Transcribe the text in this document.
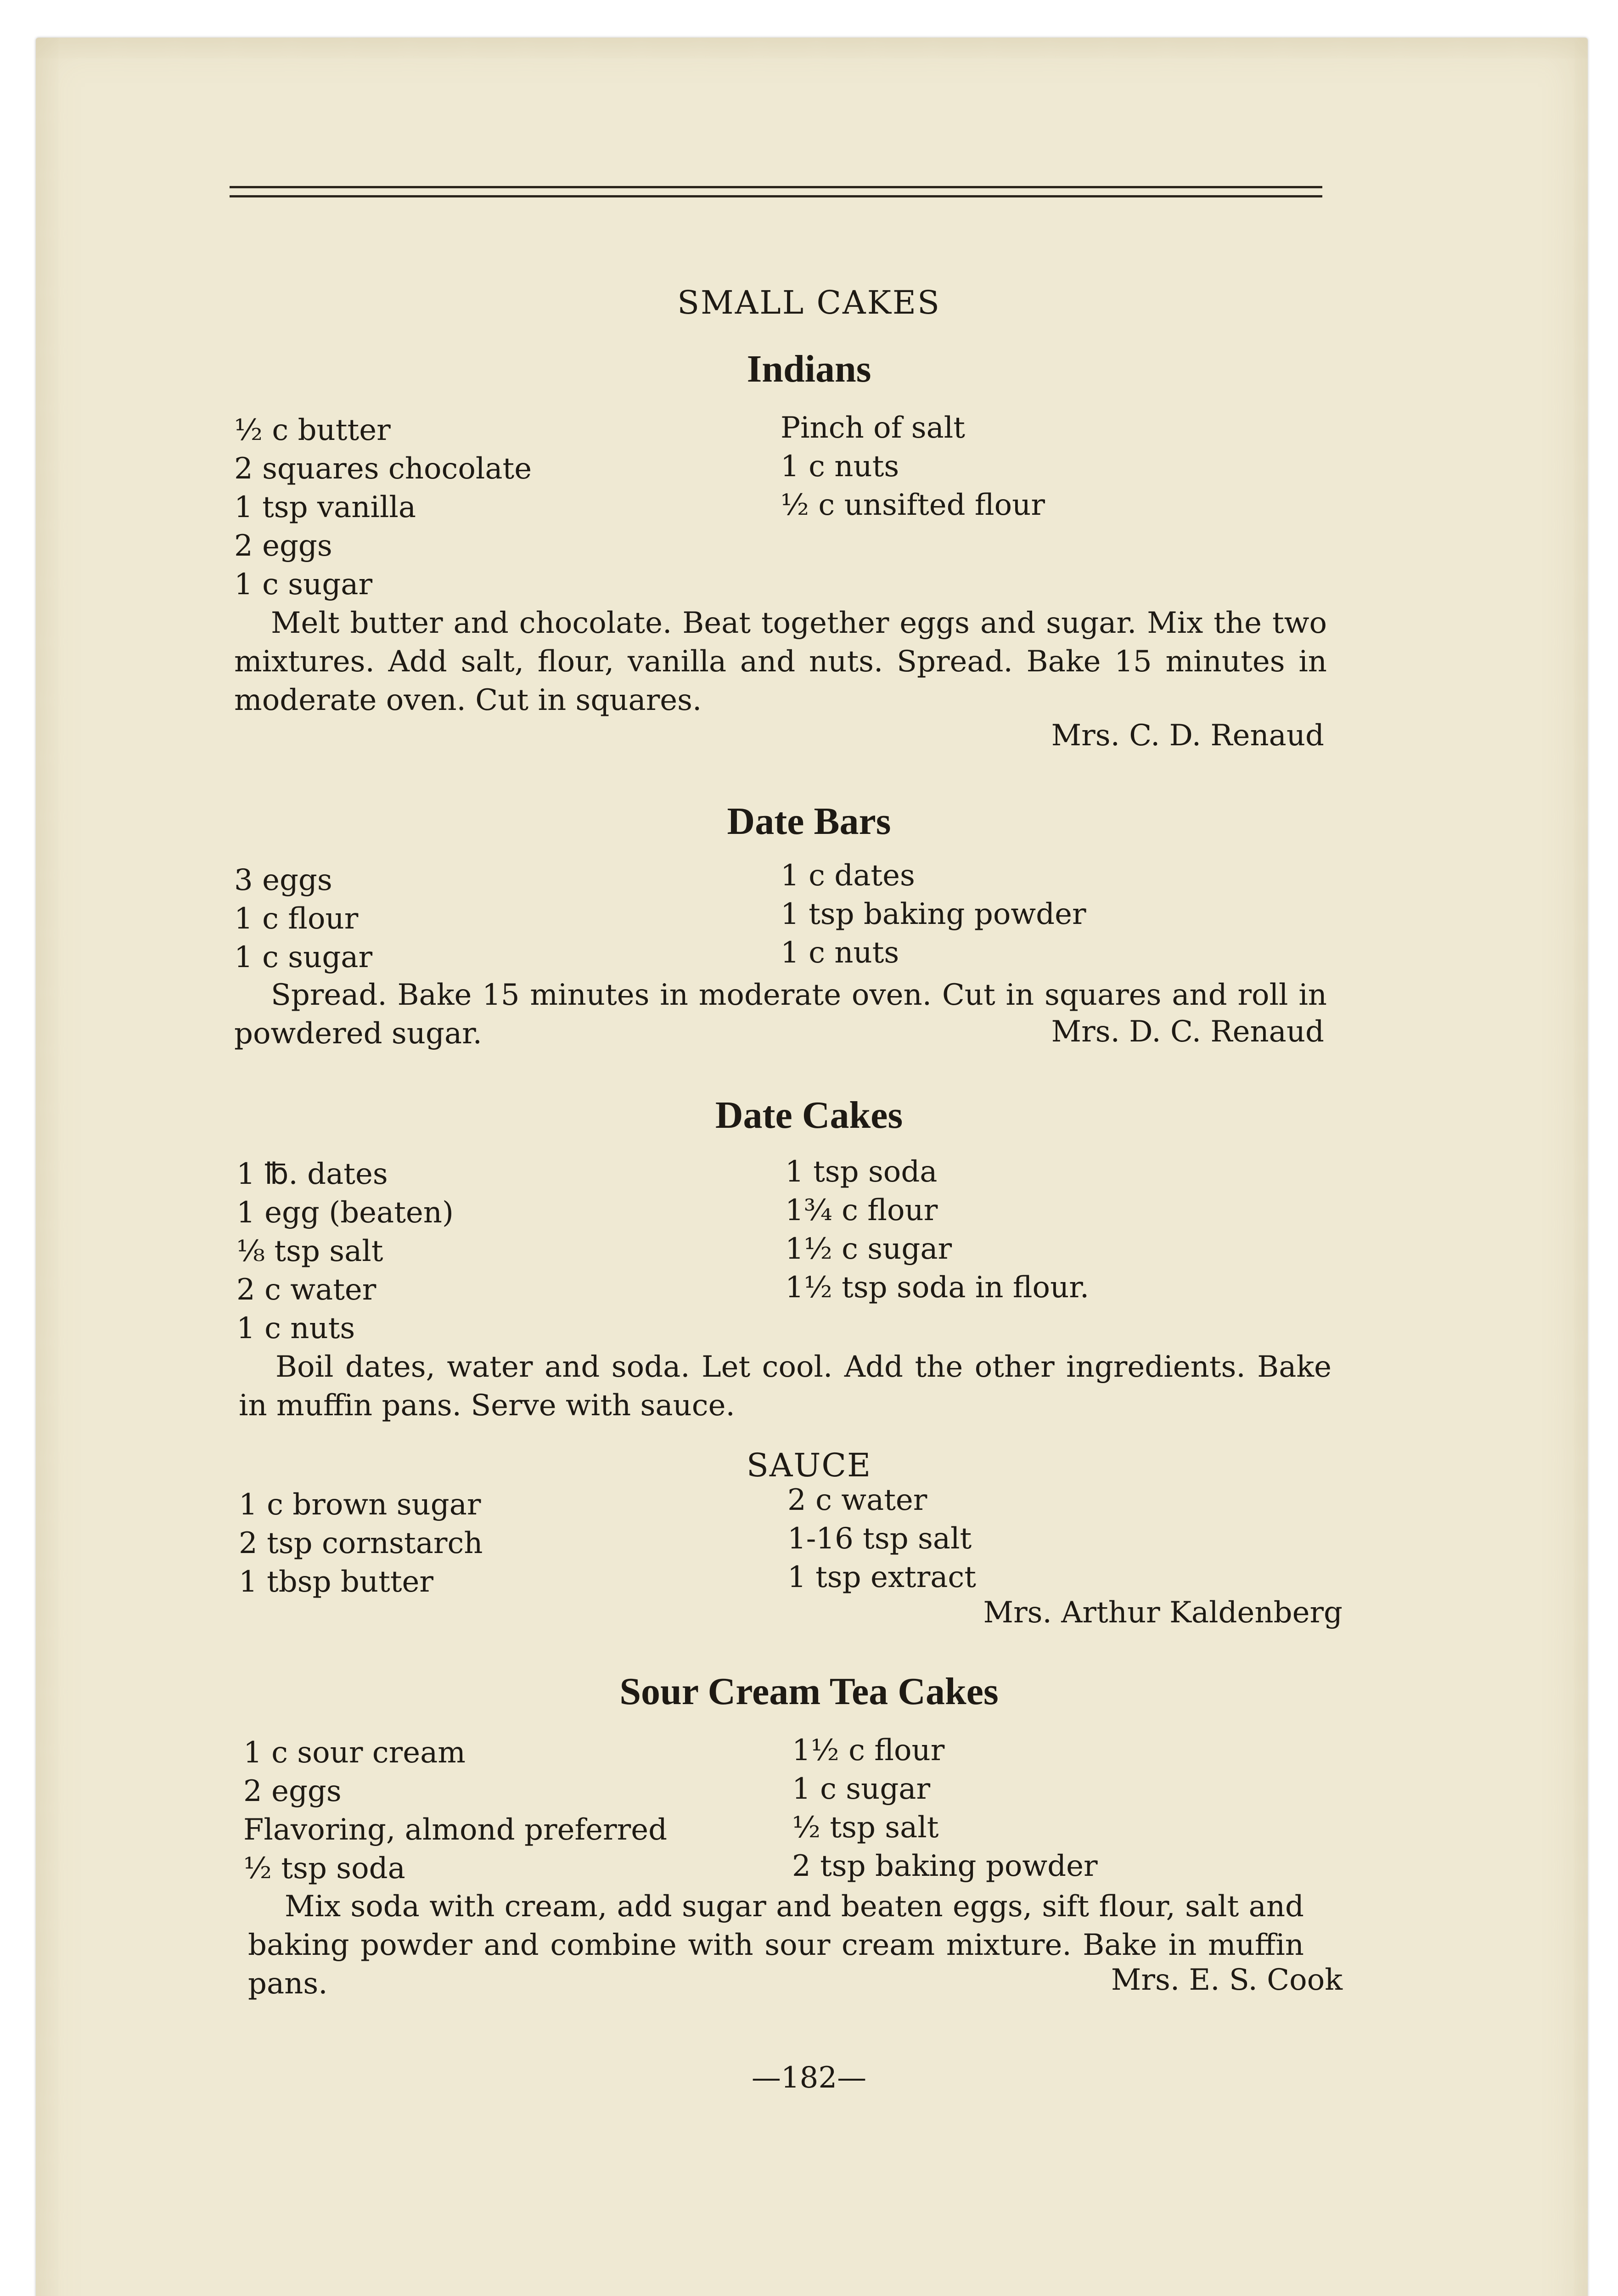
SMALL CAKES
Indians
½ c butter
2 squares chocolate
1 tsp vanilla
2 eggs
1 c sugar
Pinch of salt
1 c nuts
½ c unsifted flour

Melt butter and chocolate. Beat together eggs and sugar. Mix the two mixtures. Add salt, flour, vanilla and nuts. Spread. Bake 15 minutes in moderate oven. Cut in squares.

Mrs. C. D. Renaud
Date Bars
3 eggs
1 c flour
1 c sugar
1 c dates
1 tsp baking powder
1 c nuts

Spread. Bake 15 minutes in moderate oven. Cut in squares and roll in powdered sugar.	Mrs. D. C. Renaud
Date Cakes
1 ℔. dates
1 egg (beaten)
⅛ tsp salt
2 c water
1 c nuts
1 tsp soda
1¾ c flour
1½ c sugar
1½ tsp soda in flour.

Boil dates, water and soda. Let cool. Add the other ingredients. Bake in muffin pans. Serve with sauce.

SAUCE
1 c brown sugar
2 tsp cornstarch
1 tbsp butter
2 c water
1-16 tsp salt
1 tsp extract
Mrs. Arthur Kaldenberg
Sour Cream Tea Cakes
1 c sour cream
2 eggs
Flavoring, almond preferred
½ tsp soda
1½ c flour
1 c sugar
½ tsp salt
2 tsp baking powder

Mix soda with cream, add sugar and beaten eggs, sift flour, salt and baking powder and combine with sour cream mixture. Bake in muffin pans.	Mrs. E. S. Cook
—182—
